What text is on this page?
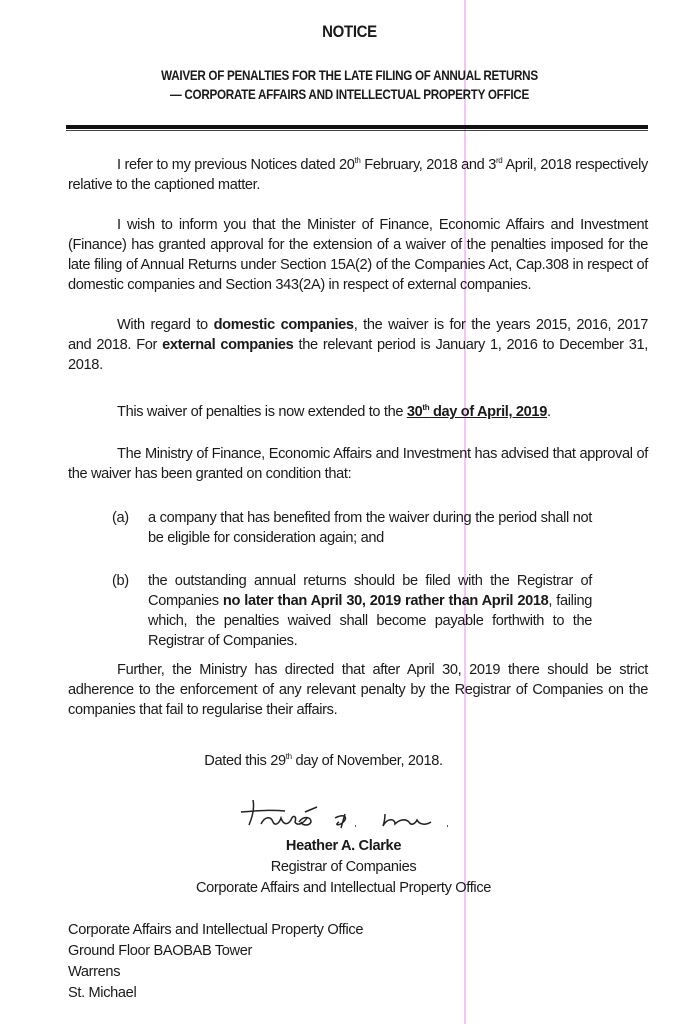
NOTICE
WAIVER OF PENALTIES FOR THE LATE FILING OF ANNUAL RETURNS
— CORPORATE AFFAIRS AND INTELLECTUAL PROPERTY OFFICE
I refer to my previous Notices dated 20th February, 2018 and 3rd April, 2018 respectively relative to the captioned matter.
I wish to inform you that the Minister of Finance, Economic Affairs and Investment (Finance) has granted approval for the extension of a waiver of the penalties imposed for the late filing of Annual Returns under Section 15A(2) of the Companies Act, Cap.308 in respect of domestic companies and Section 343(2A) in respect of external companies.
With regard to domestic companies, the waiver is for the years 2015, 2016, 2017 and 2018. For external companies the relevant period is January 1, 2016 to December 31, 2018.
This waiver of penalties is now extended to the 30th day of April, 2019.
The Ministry of Finance, Economic Affairs and Investment has advised that approval of the waiver has been granted on condition that:
(a) a company that has benefited from the waiver during the period shall not be eligible for consideration again; and
(b) the outstanding annual returns should be filed with the Registrar of Companies no later than April 30, 2019 rather than April 2018, failing which, the penalties waived shall become payable forthwith to the Registrar of Companies.
Further, the Ministry has directed that after April 30, 2019 there should be strict adherence to the enforcement of any relevant penalty by the Registrar of Companies on the companies that fail to regularise their affairs.
Dated this 29th day of November, 2018.
Heather A. Clarke
Registrar of Companies
Corporate Affairs and Intellectual Property Office
Corporate Affairs and Intellectual Property Office
Ground Floor BAOBAB Tower
Warrens
St. Michael
